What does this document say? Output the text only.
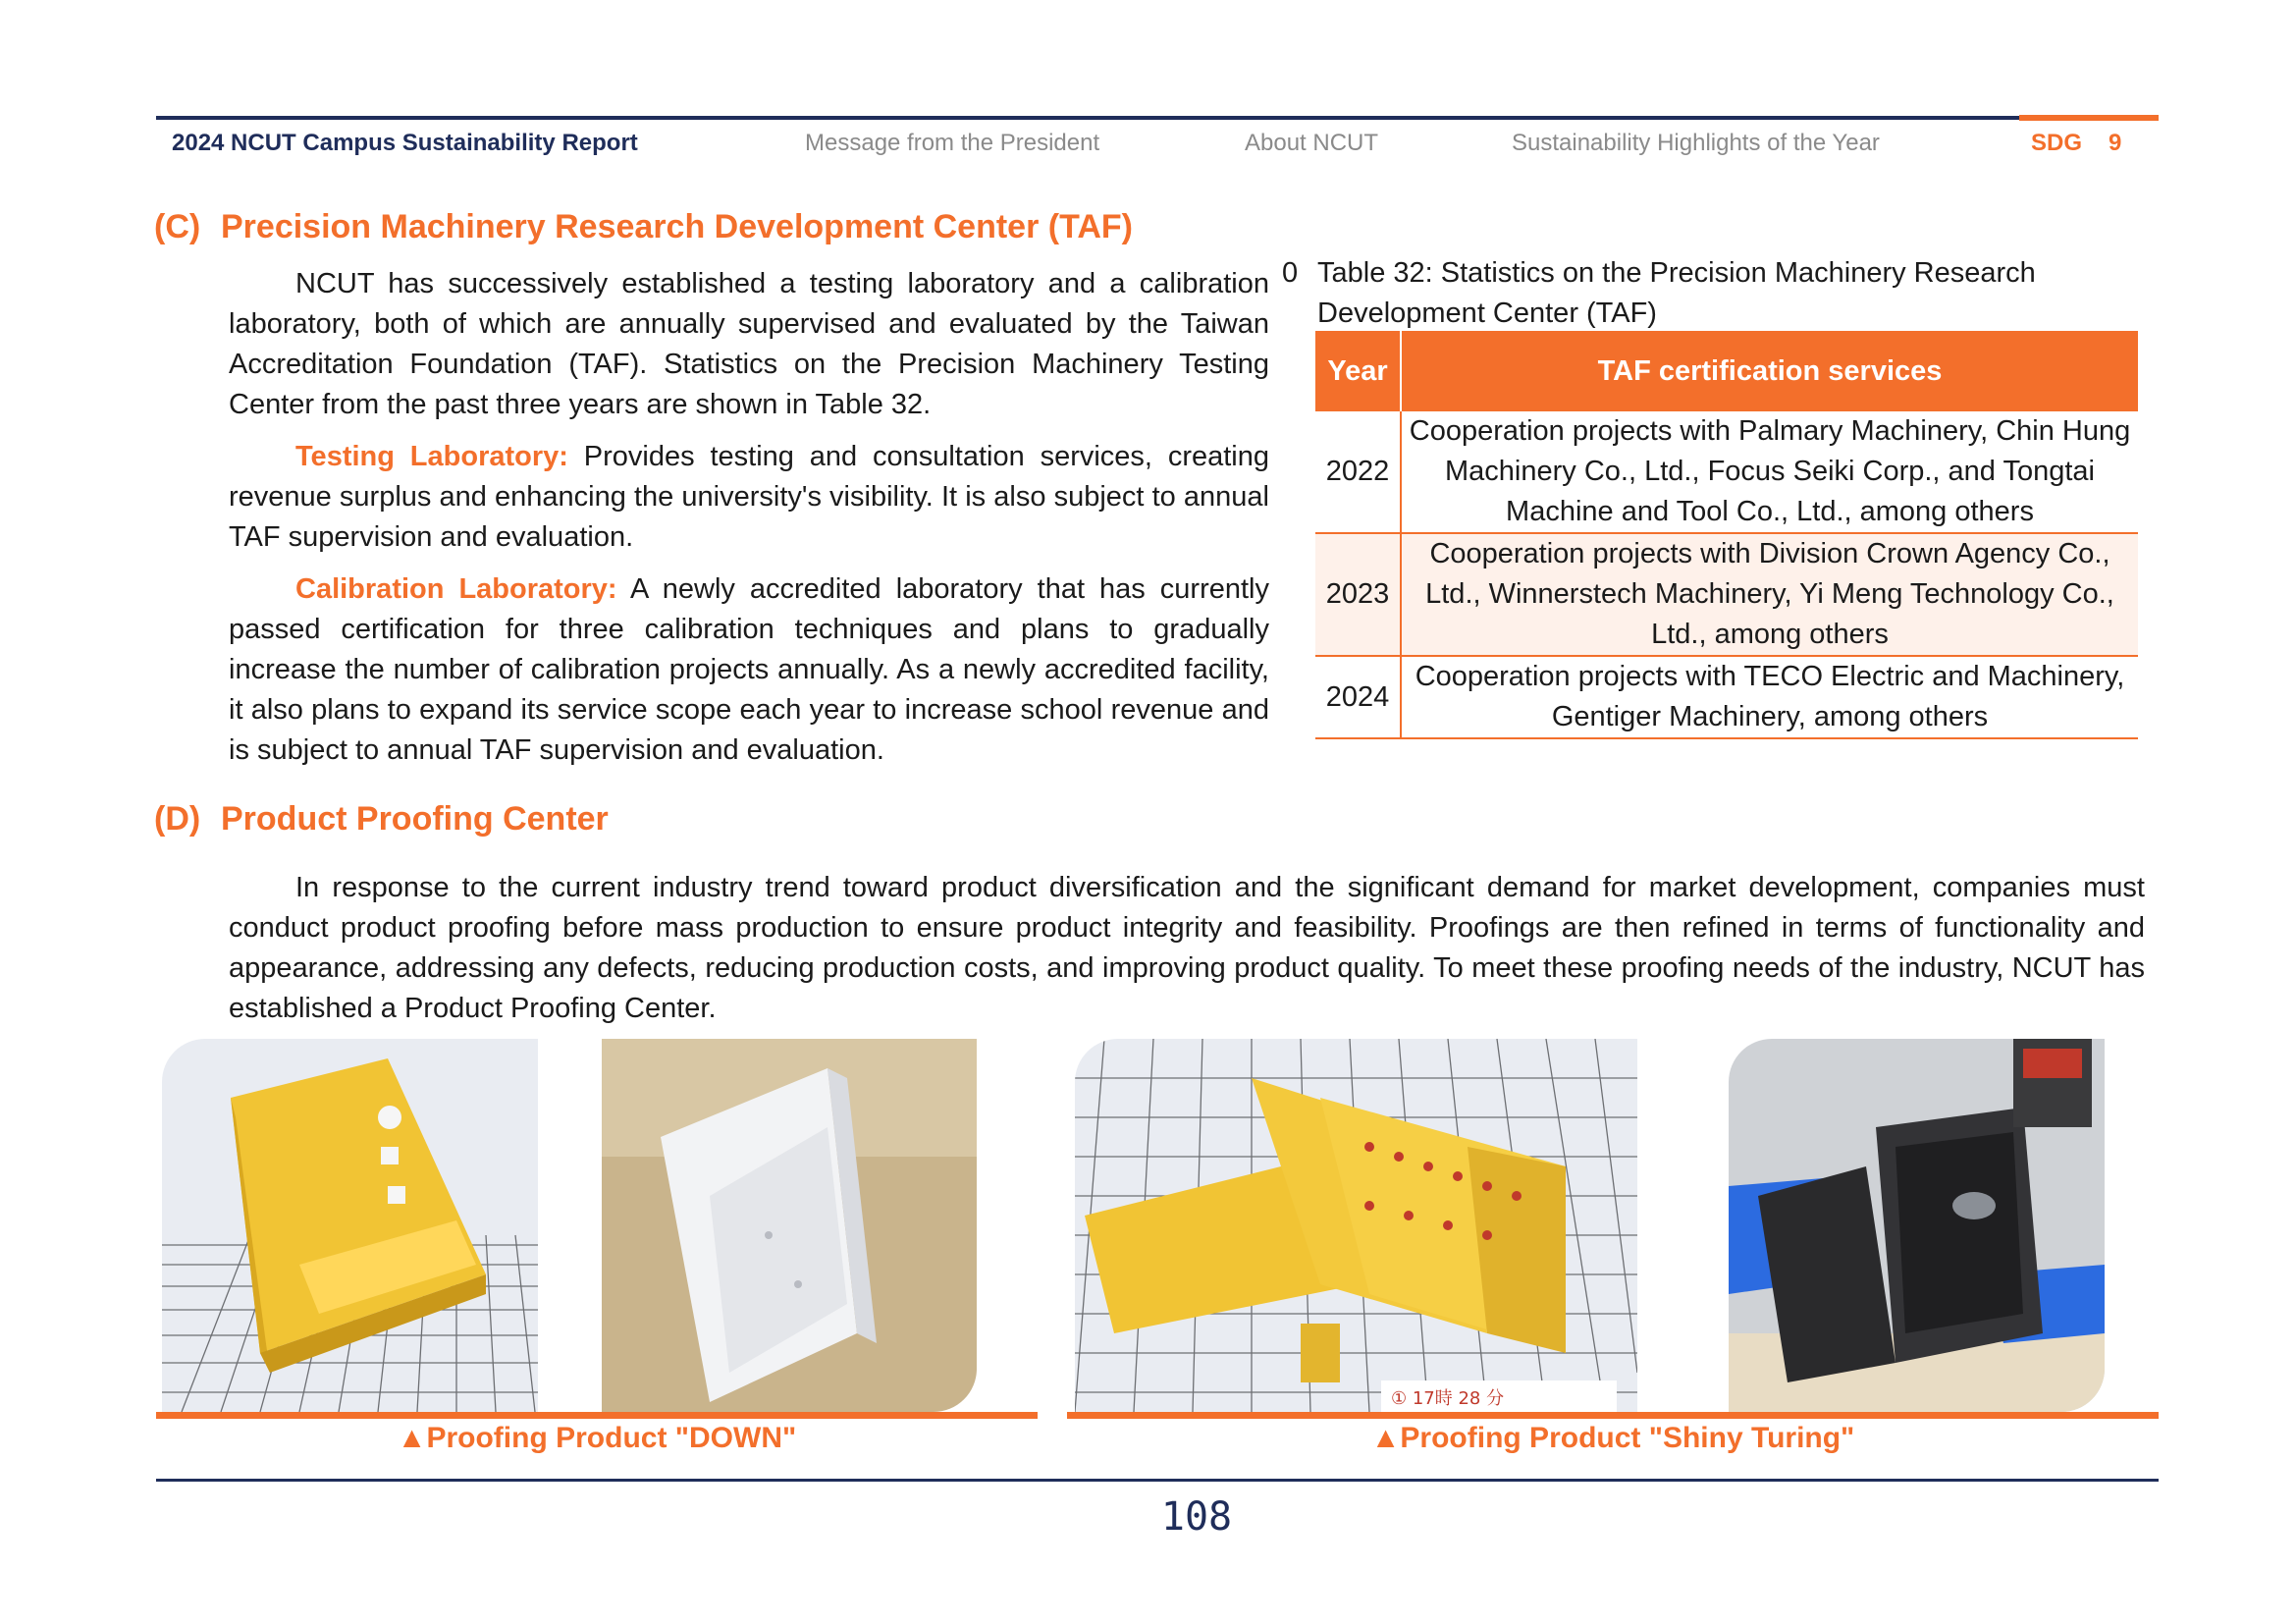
2024 NCUT Campus Sustainability Report	Message from the President	About NCUT	Sustainability Highlights of the Year	SDG 9
(C) Precision Machinery Research Development Center (TAF)

NCUT has successively established a testing laboratory and a calibration laboratory, both of which are annually supervised and evaluated by the Taiwan Accreditation Foundation (TAF). Statistics on the Precision Machinery Testing Center from the past three years are shown in Table 32.

Testing Laboratory: Provides testing and consultation services, creating revenue surplus and enhancing the university's visibility. It is also subject to annual TAF supervision and evaluation.

Calibration Laboratory: A newly accredited laboratory that has currently passed certification for three calibration techniques and plans to gradually increase the number of calibration projects annually. As a newly accredited facility, it also plans to expand its service scope each year to increase school revenue and is subject to annual TAF supervision and evaluation.

0 Table 32: Statistics on the Precision Machinery Research Development Center (TAF)
Year	TAF certification services
2022	Cooperation projects with Palmary Machinery, Chin Hung Machinery Co., Ltd., Focus Seiki Corp., and Tongtai Machine and Tool Co., Ltd., among others
2023	Cooperation projects with Division Crown Agency Co., Ltd., Winnerstech Machinery, Yi Meng Technology Co., Ltd., among others
2024	Cooperation projects with TECO Electric and Machinery, Gentiger Machinery, among others
(D) Product Proofing Center

In response to the current industry trend toward product diversification and the significant demand for market development, companies must conduct product proofing before mass production to ensure product integrity and feasibility. Proofings are then refined in terms of functionality and appearance, addressing any defects, reducing production costs, and improving product quality. To meet these proofing needs of the industry, NCUT has established a Product Proofing Center.

① 17時 28 分
▲Proofing Product "DOWN"	▲Proofing Product "Shiny Turing"
108
